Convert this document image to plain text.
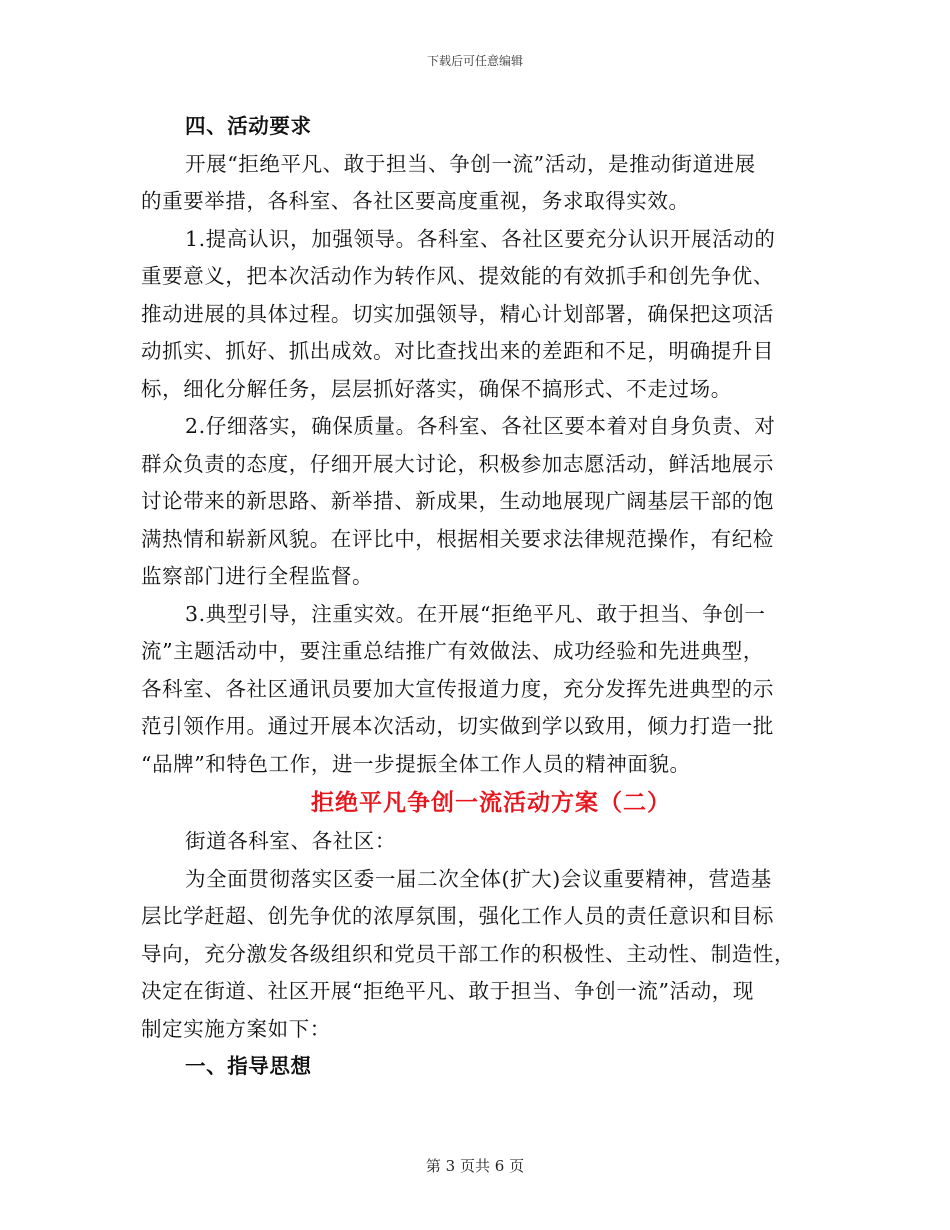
下载后可任意编辑
四、活动要求
开展“拒绝平凡、敢于担当、争创一流”活动，是推动街道进展
的重要举措，各科室、各社区要高度重视，务求取得实效。
1.提高认识，加强领导。各科室、各社区要充分认识开展活动的
重要意义，把本次活动作为转作风、提效能的有效抓手和创先争优、
推动进展的具体过程。切实加强领导，精心计划部署，确保把这项活
动抓实、抓好、抓出成效。对比查找出来的差距和不足，明确提升目
标，细化分解任务，层层抓好落实，确保不搞形式、不走过场。
2.仔细落实，确保质量。各科室、各社区要本着对自身负责、对
群众负责的态度，仔细开展大讨论，积极参加志愿活动，鲜活地展示
讨论带来的新思路、新举措、新成果，生动地展现广阔基层干部的饱
满热情和崭新风貌。在评比中，根据相关要求法律规范操作，有纪检
监察部门进行全程监督。
3.典型引导，注重实效。在开展“拒绝平凡、敢于担当、争创一
流”主题活动中，要注重总结推广有效做法、成功经验和先进典型，
各科室、各社区通讯员要加大宣传报道力度，充分发挥先进典型的示
范引领作用。通过开展本次活动，切实做到学以致用，倾力打造一批
“品牌”和特色工作，进一步提振全体工作人员的精神面貌。
拒绝平凡争创一流活动方案（二）
街道各科室、各社区：
为全面贯彻落实区委一届二次全体(扩大)会议重要精神，营造基
层比学赶超、创先争优的浓厚氛围，强化工作人员的责任意识和目标
导向，充分激发各级组织和党员干部工作的积极性、主动性、制造性，
决定在街道、社区开展“拒绝平凡、敢于担当、争创一流”活动，现
制定实施方案如下：
一、指导思想
第 3 页共 6 页
